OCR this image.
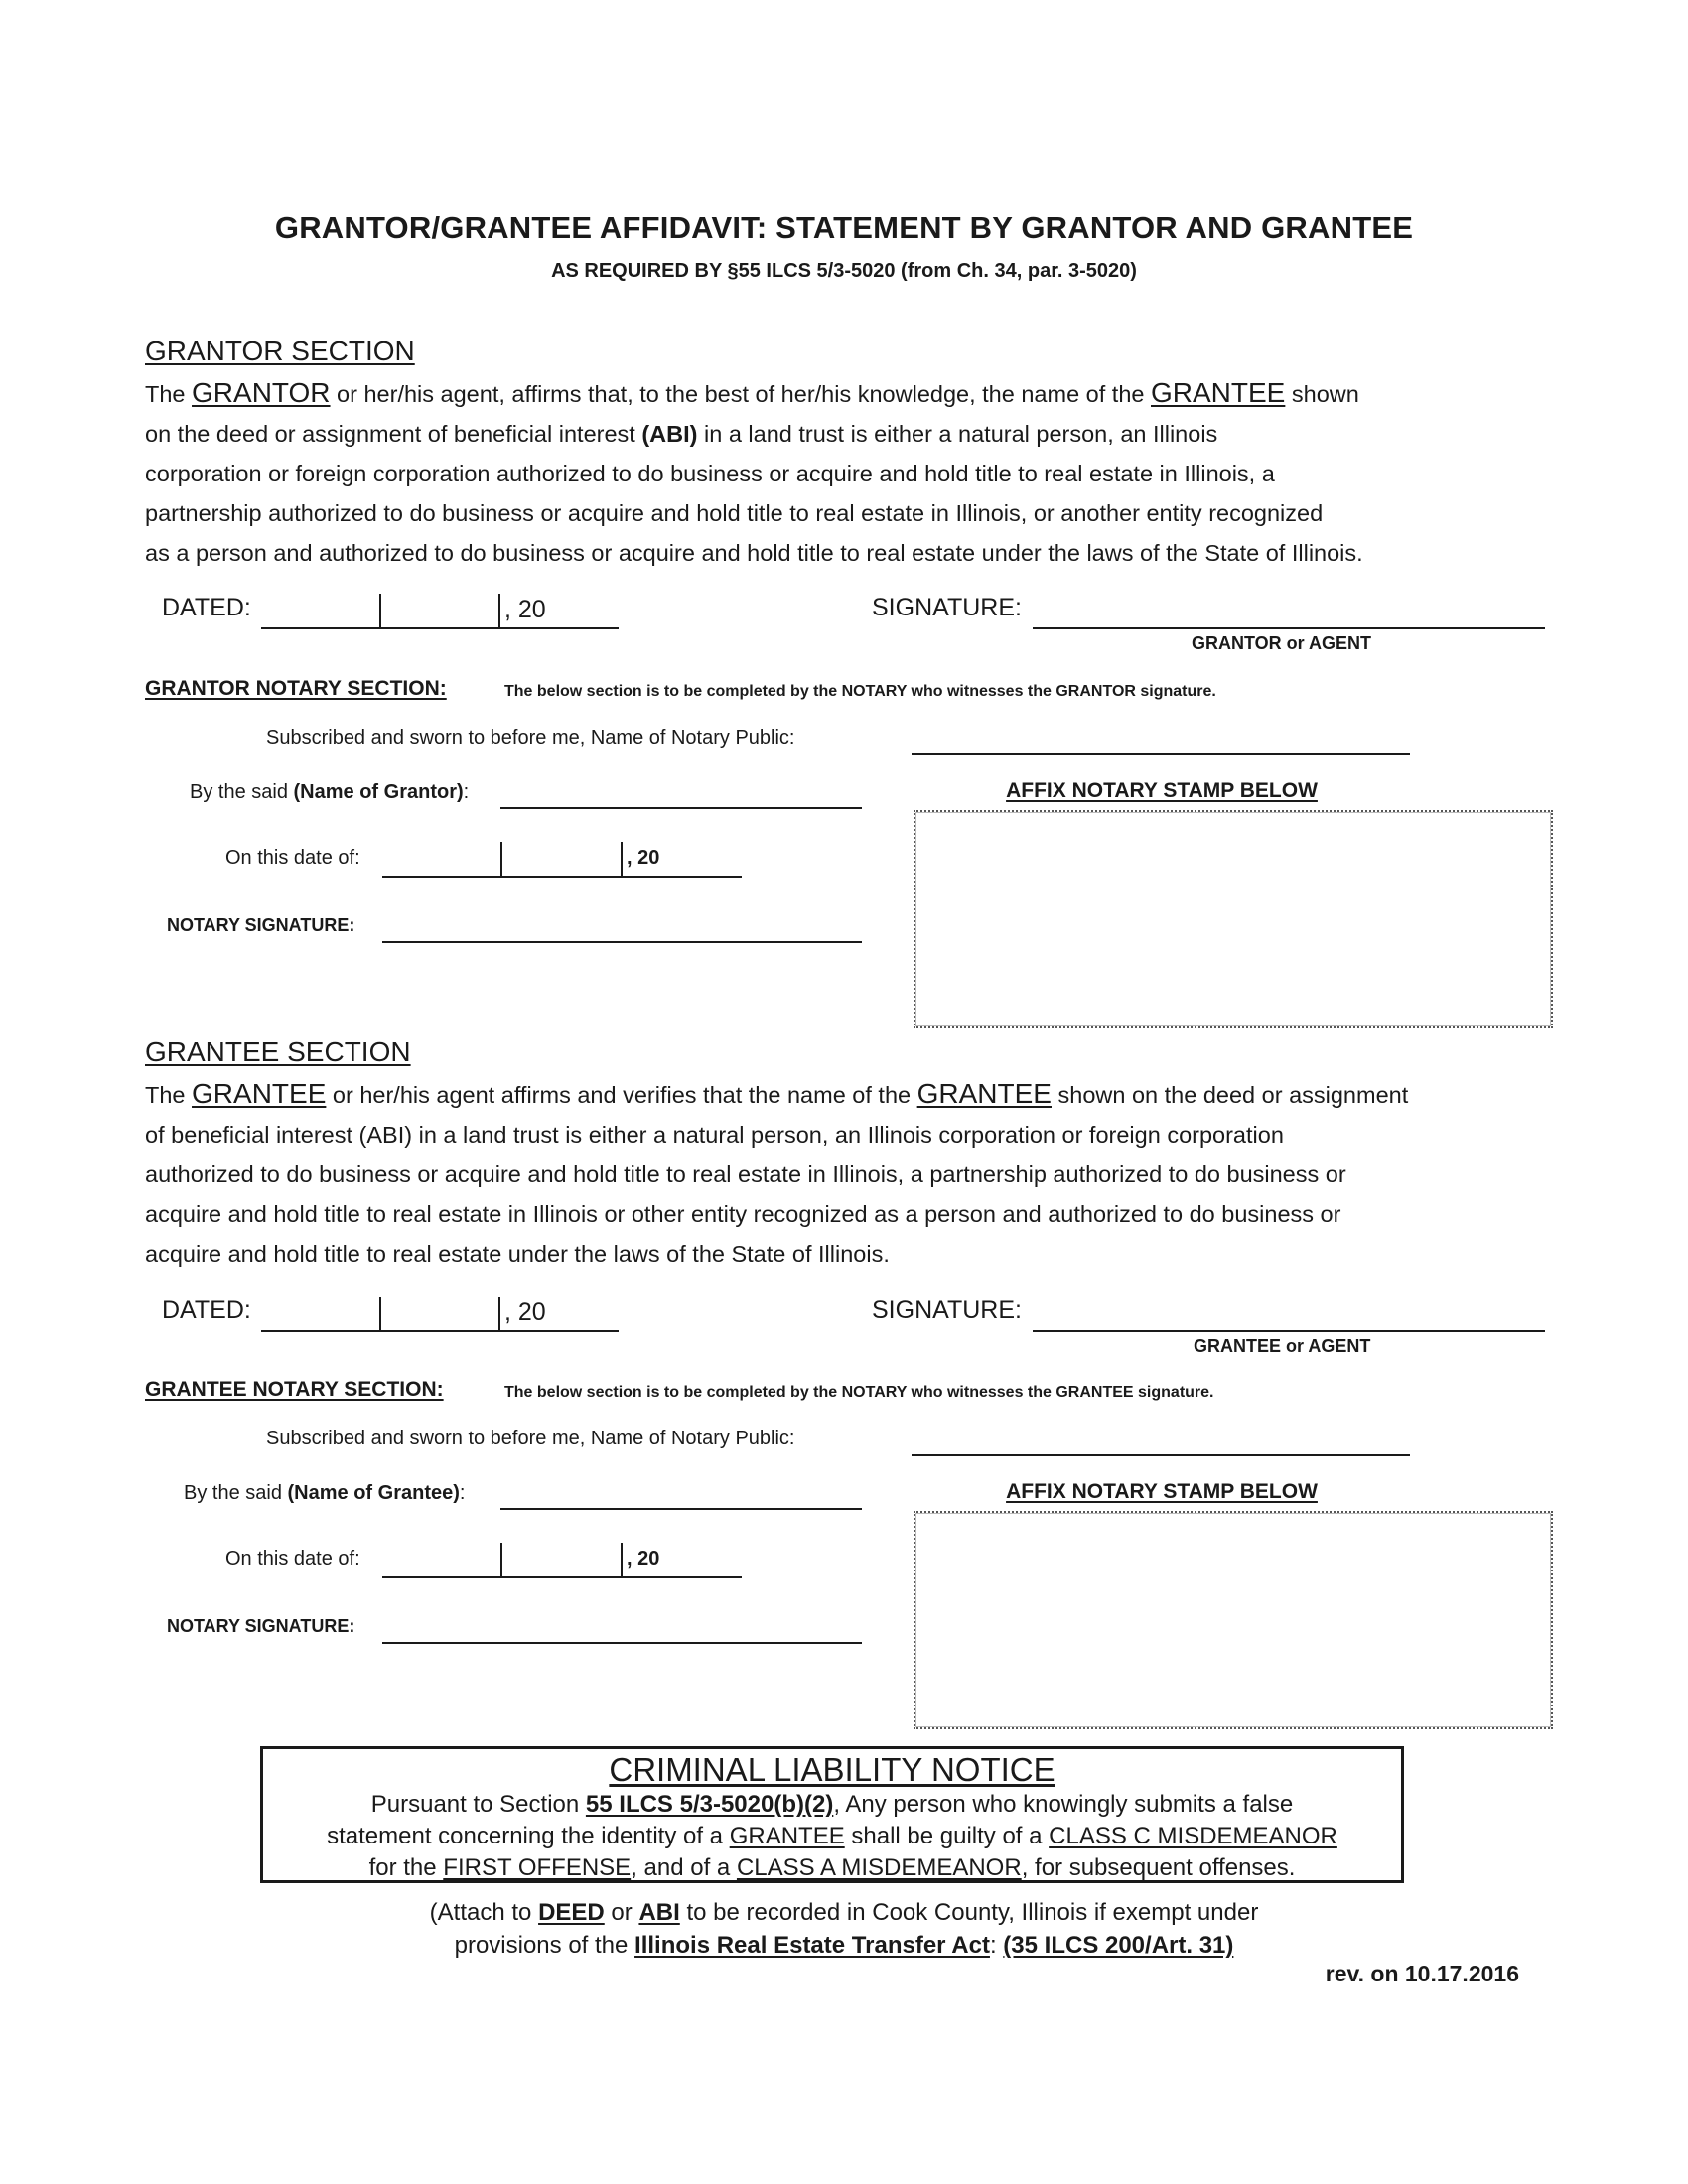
GRANTOR/GRANTEE AFFIDAVIT: STATEMENT BY GRANTOR AND GRANTEE
AS REQUIRED BY §55 ILCS 5/3-5020 (from Ch. 34, par. 3-5020)
GRANTOR SECTION
The GRANTOR or her/his agent, affirms that, to the best of her/his knowledge, the name of the GRANTEE shown
on the deed or assignment of beneficial interest (ABI) in a land trust is either a natural person, an Illinois
corporation or foreign corporation authorized to do business or acquire and hold title to real estate in Illinois, a
partnership authorized to do business or acquire and hold title to real estate in Illinois, or another entity recognized
as a person and authorized to do business or acquire and hold title to real estate under the laws of the State of Illinois.
DATED:	, 20	SIGNATURE:
GRANTOR or AGENT
GRANTOR NOTARY SECTION:	The below section is to be completed by the NOTARY who witnesses the GRANTOR signature.
Subscribed and sworn to before me, Name of Notary Public:
By the said (Name of Grantor):
On this date of:	, 20
NOTARY SIGNATURE:
AFFIX NOTARY STAMP BELOW
GRANTEE SECTION
The GRANTEE or her/his agent affirms and verifies that the name of the GRANTEE shown on the deed or assignment
of beneficial interest (ABI) in a land trust is either a natural person, an Illinois corporation or foreign corporation
authorized to do business or acquire and hold title to real estate in Illinois, a partnership authorized to do business or
acquire and hold title to real estate in Illinois or other entity recognized as a person and authorized to do business or
acquire and hold title to real estate under the laws of the State of Illinois.
DATED:	, 20	SIGNATURE:
GRANTEE or AGENT
GRANTEE NOTARY SECTION:	The below section is to be completed by the NOTARY who witnesses the GRANTEE signature.
Subscribed and sworn to before me, Name of Notary Public:
By the said (Name of Grantee):
On this date of:	, 20
NOTARY SIGNATURE:
AFFIX NOTARY STAMP BELOW
CRIMINAL LIABILITY NOTICE
Pursuant to Section 55 ILCS 5/3-5020(b)(2), Any person who knowingly submits a false
statement concerning the identity of a GRANTEE shall be guilty of a CLASS C MISDEMEANOR
for the FIRST OFFENSE, and of a CLASS A MISDEMEANOR, for subsequent offenses.
(Attach to DEED or ABI to be recorded in Cook County, Illinois if exempt under
provisions of the Illinois Real Estate Transfer Act: (35 ILCS 200/Art. 31)
rev. on 10.17.2016
